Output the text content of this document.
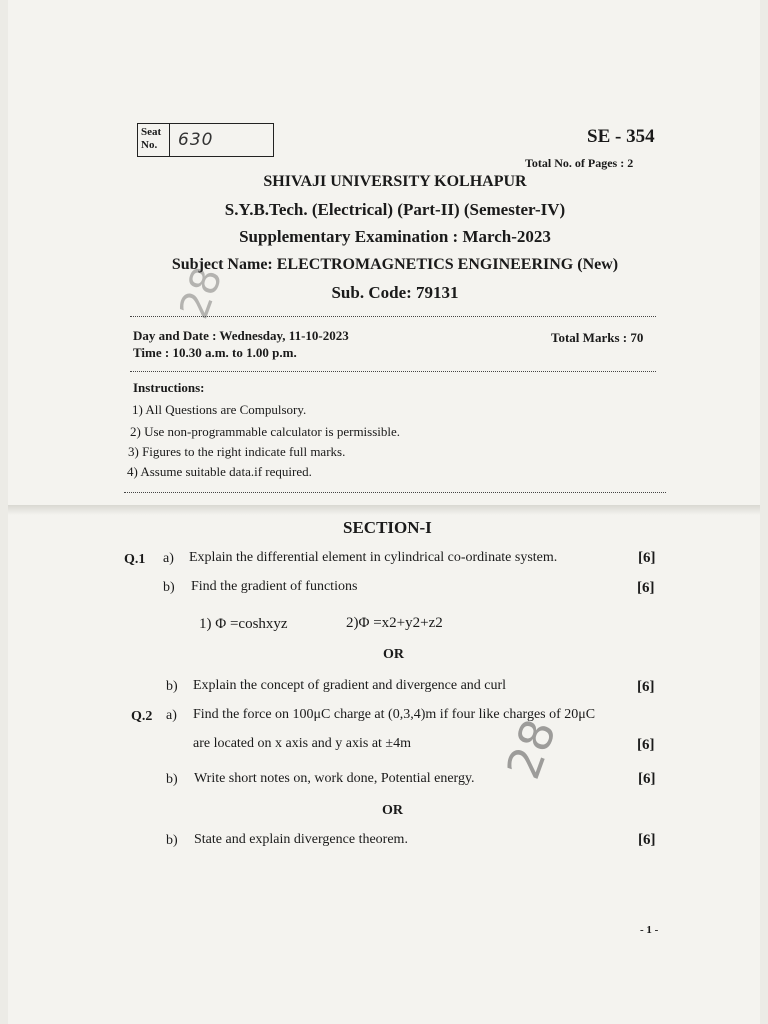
Seat
No.	630	SE - 354
Total No. of Pages : 2
SHIVAJI UNIVERSITY KOLHAPUR
S.Y.B.Tech. (Electrical) (Part-II) (Semester-IV)
Supplementary Examination : March-2023
Subject Name: ELECTROMAGNETICS ENGINEERING (New)
Sub. Code: 79131
Day and Date : Wednesday, 11-10-2023
Time : 10.30 a.m. to 1.00 p.m.
Total Marks : 70
Instructions:
1) All Questions are Compulsory.
2) Use non-programmable calculator is permissible.
3) Figures to the right indicate full marks.
4) Assume suitable data.if required.
SECTION-I
Q.1 a) Explain the differential element in cylindrical co-ordinate system.	[6]
b) Find the gradient of functions	[6]
1) Φ =coshxyz	2)Φ =x2+y2+z2
OR
b) Explain the concept of gradient and divergence and curl	[6]
Q.2 a) Find the force on 100μC charge at (0,3,4)m if four like charges of 20μC
are located on x axis and y axis at ±4m	[6]
b) Write short notes on, work done, Potential energy.	[6]
OR
b) State and explain divergence theorem.	[6]
- 1 -
28
28
